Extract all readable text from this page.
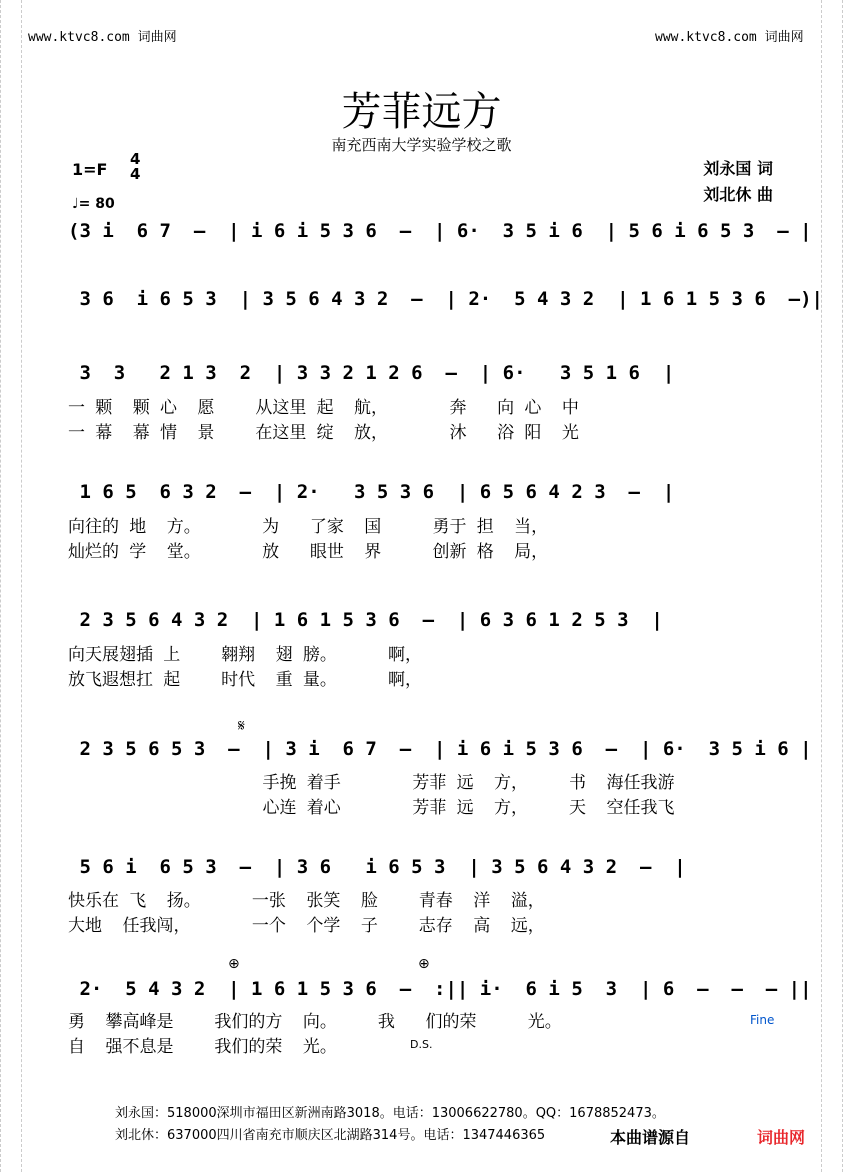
www.ktvc8.com 词曲网	www.ktvc8.com 词曲网
芳菲远方
南充西南大学实验学校之歌
1=F
4
4
♩= 80
刘永国 词
刘北休 曲
(3 i  6 7  –  | i 6 i 5 3 6  –  | 6·  3 5 i 6  | 5 6 i 6 5 3  – |
3 6  i 6 5 3  | 3 5 6 4 3 2  –  | 2·  5 4 3 2  | 1 6 1 5 3 6  –)|
3  3   2 1 3  2  | 3 3 2 1 2 6  –  | 6·   3 5 1 6  |
一 颗  颗 心  愿    从这里 起  航，      奔   向 心  中
一 幕  幕 情  景    在这里 绽  放，      沐   浴 阳  光
1 6 5  6 3 2  –  | 2·   3 5 3 6  | 6 5 6 4 2 3  –  |
向往的 地  方。      为   了家  国     勇于 担  当，
灿烂的 学  堂。      放   眼世  界     创新 格  局，
2 3 5 6 4 3 2  | 1 6 1 5 3 6  –  | 6 3 6 1 2 5 3  |
向天展翅插 上    翱翔  翅 膀。     啊，
放飞遐想扛 起    时代  重 量。     啊，
𝄋
2 3 5 6 5 3  –  | 3 i  6 7  –  | i 6 i 5 3 6  –  | 6·  3 5 i 6 |
手挽 着手       芳菲 远  方，    书  海任我游
心连 着心       芳菲 远  方，    天  空任我飞
5 6 i  6 5 3  –  | 3 6   i 6 5 3  | 3 5 6 4 3 2  –  |
快乐在 飞  扬。     一张  张笑  脸    青春  洋  溢，
大地  任我闯，      一个  个学  子    志存  高  远，
⊕	⊕
2·  5 4 3 2  | 1 6 1 5 3 6  –  :|| i·  6 i 5  3  | 6  –  –  – ||
勇  攀高峰是    我们的方  向。    我   们的荣     光。
自  强不息是    我们的荣  光。
Fine
D.S.
刘永国：518000深圳市福田区新洲南路3018。电话：13006622780。QQ：1678852473。
刘北休：637000四川省南充市顺庆区北湖路314号。电话：1347446365	本曲谱源自	词曲网
